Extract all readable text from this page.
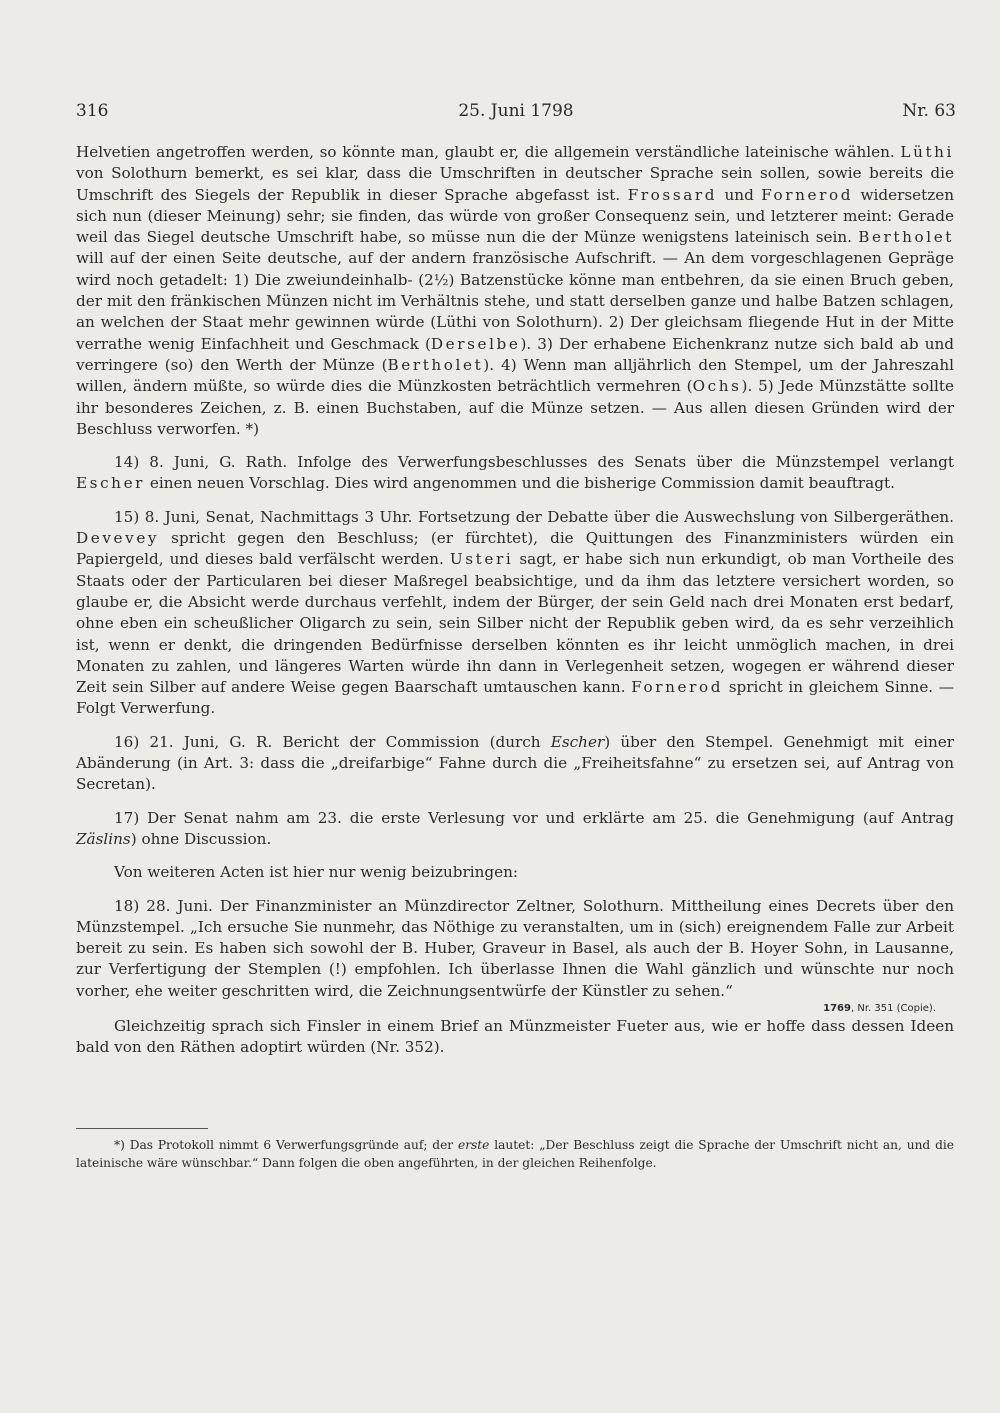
316	25. Juni 1798	Nr. 63

Helvetien angetroffen werden, so könnte man, glaubt er, die allgemein verständliche lateinische wählen. Lüthi von Solothurn bemerkt, es sei klar, dass die Umschriften in deutscher Sprache sein sollen, sowie bereits die Umschrift des Siegels der Republik in dieser Sprache abgefasst ist. Frossard und Fornerod widersetzen sich nun (dieser Meinung) sehr; sie finden, das würde von großer Consequenz sein, und letzterer meint: Gerade weil das Siegel deutsche Umschrift habe, so müsse nun die der Münze wenigstens lateinisch sein. Bertholet will auf der einen Seite deutsche, auf der andern französische Aufschrift. — An dem vorgeschlagenen Gepräge wird noch getadelt: 1) Die zweiundeinhalb- (2½) Batzenstücke könne man entbehren, da sie einen Bruch geben, der mit den fränkischen Münzen nicht im Verhältnis stehe, und statt derselben ganze und halbe Batzen schlagen, an welchen der Staat mehr gewinnen würde (Lüthi von Solothurn). 2) Der gleichsam fliegende Hut in der Mitte verrathe wenig Einfachheit und Geschmack (Derselbe). 3) Der erhabene Eichenkranz nutze sich bald ab und verringere (so) den Werth der Münze (Bertholet). 4) Wenn man alljährlich den Stempel, um der Jahreszahl willen, ändern müßte, so würde dies die Münzkosten beträchtlich vermehren (Ochs). 5) Jede Münzstätte sollte ihr besonderes Zeichen, z. B. einen Buchstaben, auf die Münze setzen. — Aus allen diesen Gründen wird der Beschluss verworfen. *)

14) 8. Juni, G. Rath. Infolge des Verwerfungsbeschlusses des Senats über die Münzstempel verlangt Escher einen neuen Vorschlag. Dies wird angenommen und die bisherige Commission damit beauftragt.

15) 8. Juni, Senat, Nachmittags 3 Uhr. Fortsetzung der Debatte über die Auswechslung von Silbergeräthen. Devevey spricht gegen den Beschluss; (er fürchtet), die Quittungen des Finanzministers würden ein Papiergeld, und dieses bald verfälscht werden. Usteri sagt, er habe sich nun erkundigt, ob man Vortheile des Staats oder der Particularen bei dieser Maßregel beabsichtige, und da ihm das letztere versichert worden, so glaube er, die Absicht werde durchaus verfehlt, indem der Bürger, der sein Geld nach drei Monaten erst bedarf, ohne eben ein scheußlicher Oligarch zu sein, sein Silber nicht der Republik geben wird, da es sehr verzeihlich ist, wenn er denkt, die dringenden Bedürfnisse derselben könnten es ihr leicht unmöglich machen, in drei Monaten zu zahlen, und längeres Warten würde ihn dann in Verlegenheit setzen, wogegen er während dieser Zeit sein Silber auf andere Weise gegen Baarschaft umtauschen kann. Fornerod spricht in gleichem Sinne. — Folgt Verwerfung.

16) 21. Juni, G. R. Bericht der Commission (durch Escher) über den Stempel. Genehmigt mit einer Abänderung (in Art. 3: dass die „dreifarbige“ Fahne durch die „Freiheitsfahne“ zu ersetzen sei, auf Antrag von Secretan).

17) Der Senat nahm am 23. die erste Verlesung vor und erklärte am 25. die Genehmigung (auf Antrag Zäslins) ohne Discussion.

Von weiteren Acten ist hier nur wenig beizubringen:

18) 28. Juni. Der Finanzminister an Münzdirector Zeltner, Solothurn. Mittheilung eines Decrets über den Münzstempel. „Ich ersuche Sie nunmehr, das Nöthige zu veranstalten, um in (sich) ereignendem Falle zur Arbeit bereit zu sein. Es haben sich sowohl der B. Huber, Graveur in Basel, als auch der B. Hoyer Sohn, in Lausanne, zur Verfertigung der Stemplen (!) empfohlen. Ich überlasse Ihnen die Wahl gänzlich und wünschte nur noch vorher, ehe weiter geschritten wird, die Zeichnungsentwürfe der Künstler zu sehen.“

1769, Nr. 351 (Copie).

Gleichzeitig sprach sich Finsler in einem Brief an Münzmeister Fueter aus, wie er hoffe dass dessen Ideen bald von den Räthen adoptirt würden (Nr. 352).

*) Das Protokoll nimmt 6 Verwerfungsgründe auf; der erste lautet: „Der Beschluss zeigt die Sprache der Umschrift nicht an, und die lateinische wäre wünschbar.“ Dann folgen die oben angeführten, in der gleichen Reihenfolge.
